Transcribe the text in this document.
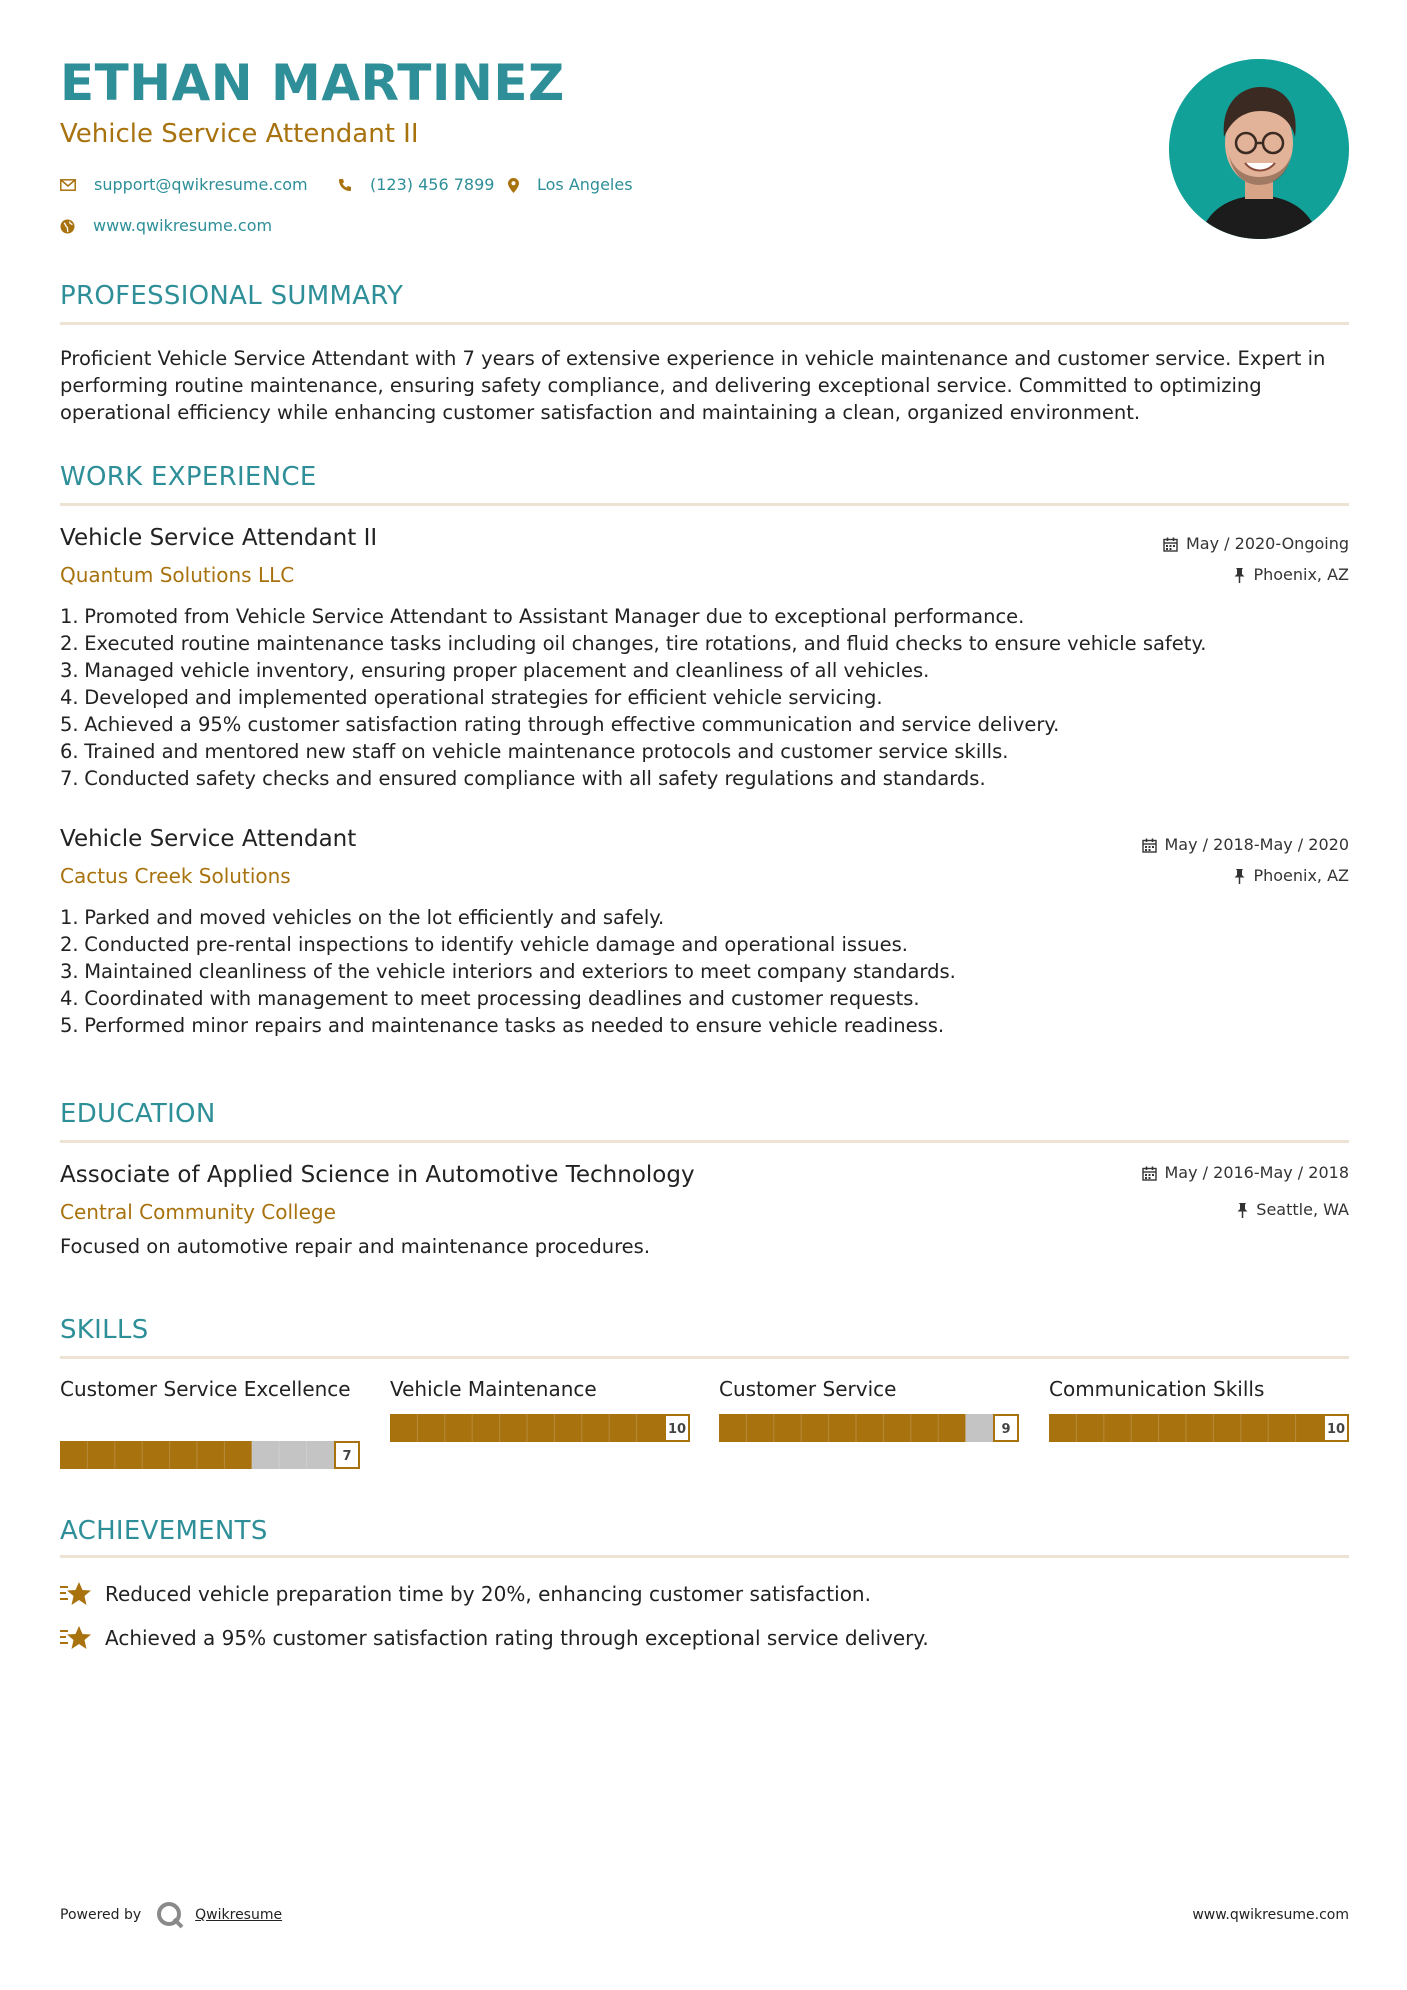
ETHAN MARTINEZ
Vehicle Service Attendant II
support@qwikresume.com	(123) 456 7899	Los Angeles
www.qwikresume.com
PROFESSIONAL SUMMARY

Proficient Vehicle Service Attendant with 7 years of extensive experience in vehicle maintenance and customer service. Expert in performing routine maintenance, ensuring safety compliance, and delivering exceptional service. Committed to optimizing operational efficiency while enhancing customer satisfaction and maintaining a clean, organized environment.

WORK EXPERIENCE
Vehicle Service Attendant II
Quantum Solutions LLC
May / 2020-Ongoing
Phoenix, AZ
1. Promoted from Vehicle Service Attendant to Assistant Manager due to exceptional performance.
2. Executed routine maintenance tasks including oil changes, tire rotations, and fluid checks to ensure vehicle safety.
3. Managed vehicle inventory, ensuring proper placement and cleanliness of all vehicles.
4. Developed and implemented operational strategies for efficient vehicle servicing.
5. Achieved a 95% customer satisfaction rating through effective communication and service delivery.
6. Trained and mentored new staff on vehicle maintenance protocols and customer service skills.
7. Conducted safety checks and ensured compliance with all safety regulations and standards.
Vehicle Service Attendant
Cactus Creek Solutions
May / 2018-May / 2020
Phoenix, AZ
1. Parked and moved vehicles on the lot efficiently and safely.
2. Conducted pre-rental inspections to identify vehicle damage and operational issues.
3. Maintained cleanliness of the vehicle interiors and exteriors to meet company standards.
4. Coordinated with management to meet processing deadlines and customer requests.
5. Performed minor repairs and maintenance tasks as needed to ensure vehicle readiness.
EDUCATION
Associate of Applied Science in Automotive Technology
Central Community College
May / 2016-May / 2018
Seattle, WA
Focused on automotive repair and maintenance procedures.
SKILLS
Customer Service Excellence
7
Vehicle Maintenance
10
Customer Service
9
Communication Skills
10
ACHIEVEMENTS
Reduced vehicle preparation time by 20%, enhancing customer satisfaction.
Achieved a 95% customer satisfaction rating through exceptional service delivery.
Powered by	Qwikresume	www.qwikresume.com
